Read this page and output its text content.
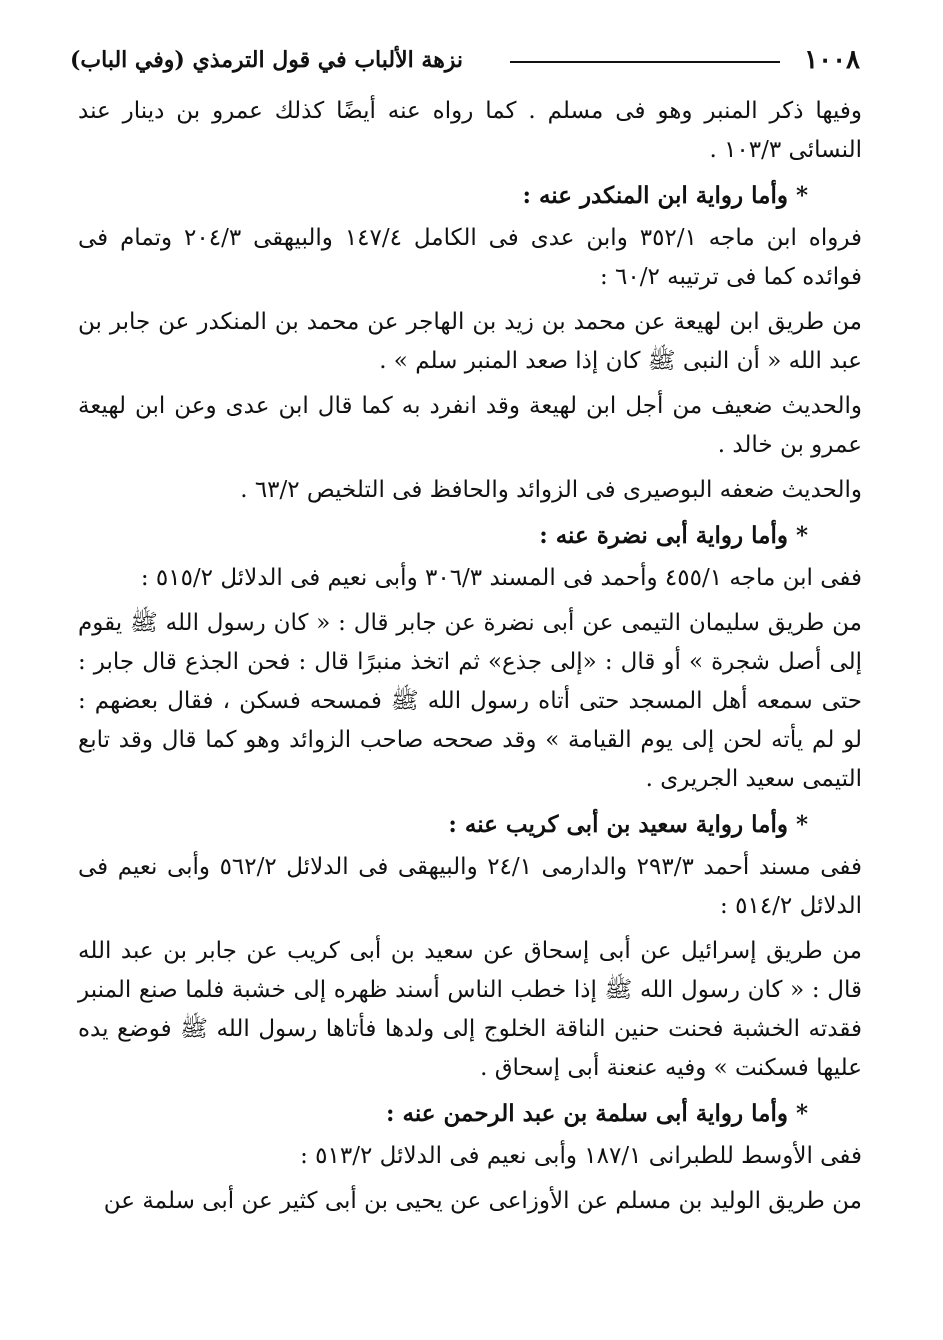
١٠٠٨
نزهة الألباب في قول الترمذي (وفي الباب)

وفيها ذكر المنبر وهو فى مسلم . كما رواه عنه أيضًا كذلك عمرو بن دينار عند النسائى ١٠٣/٣ .

* وأما رواية ابن المنكدر عنه :

فرواه ابن ماجه ٣٥٢/١ وابن عدى فى الكامل ١٤٧/٤ والبيهقى ٢٠٤/٣ وتمام فى فوائده كما فى ترتيبه ٦٠/٢ :

من طريق ابن لهيعة عن محمد بن زيد بن الهاجر عن محمد بن المنكدر عن جابر بن عبد الله « أن النبى ﷺ كان إذا صعد المنبر سلم » .

والحديث ضعيف من أجل ابن لهيعة وقد انفرد به كما قال ابن عدى وعن ابن لهيعة عمرو بن خالد .

والحديث ضعفه البوصيرى فى الزوائد والحافظ فى التلخيص ٦٣/٢ .

* وأما رواية أبى نضرة عنه :

ففى ابن ماجه ٤٥٥/١ وأحمد فى المسند ٣٠٦/٣ وأبى نعيم فى الدلائل ٥١٥/٢ :

من طريق سليمان التيمى عن أبى نضرة عن جابر قال : « كان رسول الله ﷺ يقوم إلى أصل شجرة » أو قال : «إلى جذع» ثم اتخذ منبرًا قال : فحن الجذع قال جابر : حتى سمعه أهل المسجد حتى أتاه رسول الله ﷺ فمسحه فسكن ، فقال بعضهم : لو لم يأته لحن إلى يوم القيامة » وقد صححه صاحب الزوائد وهو كما قال وقد تابع التيمى سعيد الجريرى .

* وأما رواية سعيد بن أبى كريب عنه :

ففى مسند أحمد ٢٩٣/٣ والدارمى ٢٤/١ والبيهقى فى الدلائل ٥٦٢/٢ وأبى نعيم فى الدلائل ٥١٤/٢ :

من طريق إسرائيل عن أبى إسحاق عن سعيد بن أبى كريب عن جابر بن عبد الله قال : « كان رسول الله ﷺ إذا خطب الناس أسند ظهره إلى خشبة فلما صنع المنبر فقدته الخشبة فحنت حنين الناقة الخلوج إلى ولدها فأتاها رسول الله ﷺ فوضع يده عليها فسكنت » وفيه عنعنة أبى إسحاق .

* وأما رواية أبى سلمة بن عبد الرحمن عنه :

ففى الأوسط للطبرانى ١٨٧/١ وأبى نعيم فى الدلائل ٥١٣/٢ :

من طريق الوليد بن مسلم عن الأوزاعى عن يحيى بن أبى كثير عن أبى سلمة عن
